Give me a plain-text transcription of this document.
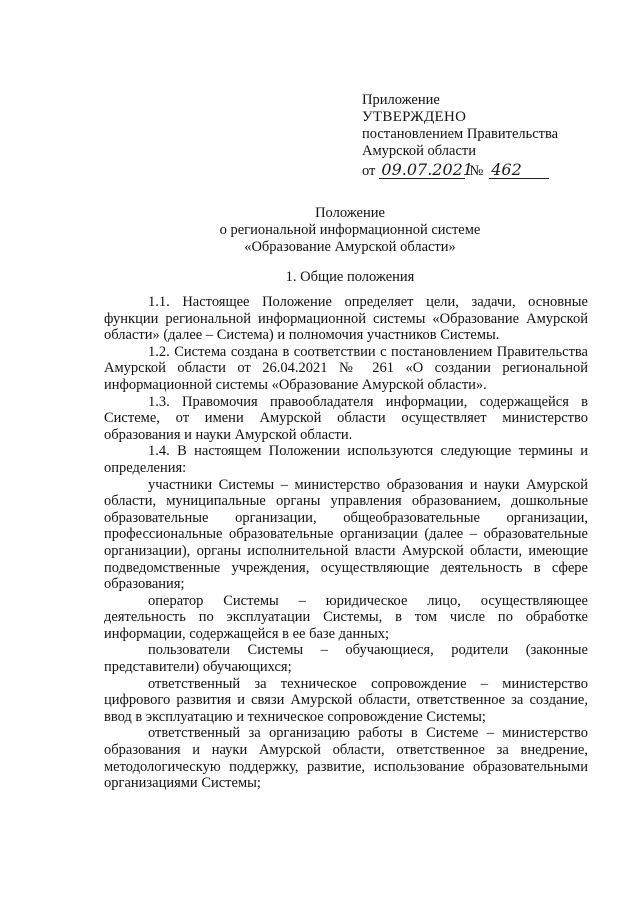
Приложение
УТВЕРЖДЕНО
постановлением Правительства
Амурской области
от 09.07.2021
№ 462
Положение
о региональной информационной системе
«Образование Амурской области»
1. Общие положения

1.1. Настоящее Положение определяет цели, задачи, основные функции региональной информационной системы «Образование Амурской области» (далее – Система) и полномочия участников Системы.

1.2. Система создана в соответствии с постановлением Правительства Амурской области от 26.04.2021 № 261 «О создании региональной информационной системы «Образование Амурской области».

1.3. Правомочия правообладателя информации, содержащейся в Системе, от имени Амурской области осуществляет министерство образования и науки Амурской области.

1.4. В настоящем Положении используются следующие термины и определения:

участники Системы – министерство образования и науки Амурской области, муниципальные органы управления образованием, дошкольные образовательные организации, общеобразовательные организации, профессиональные образовательные организации (далее – образовательные организации), органы исполнительной власти Амурской области, имеющие подведомственные учреждения, осуществляющие деятельность в сфере образования;

оператор Системы – юридическое лицо, осуществляющее деятельность по эксплуатации Системы, в том числе по обработке информации, содержащейся в ее базе данных;

пользователи Системы – обучающиеся, родители (законные представители) обучающихся;

ответственный за техническое сопровождение – министерство цифрового развития и связи Амурской области, ответственное за создание, ввод в эксплуатацию и техническое сопровождение Системы;

ответственный за организацию работы в Системе – министерство образования и науки Амурской области, ответственное за внедрение, методологическую поддержку, развитие, использование образовательными организациями Системы;
